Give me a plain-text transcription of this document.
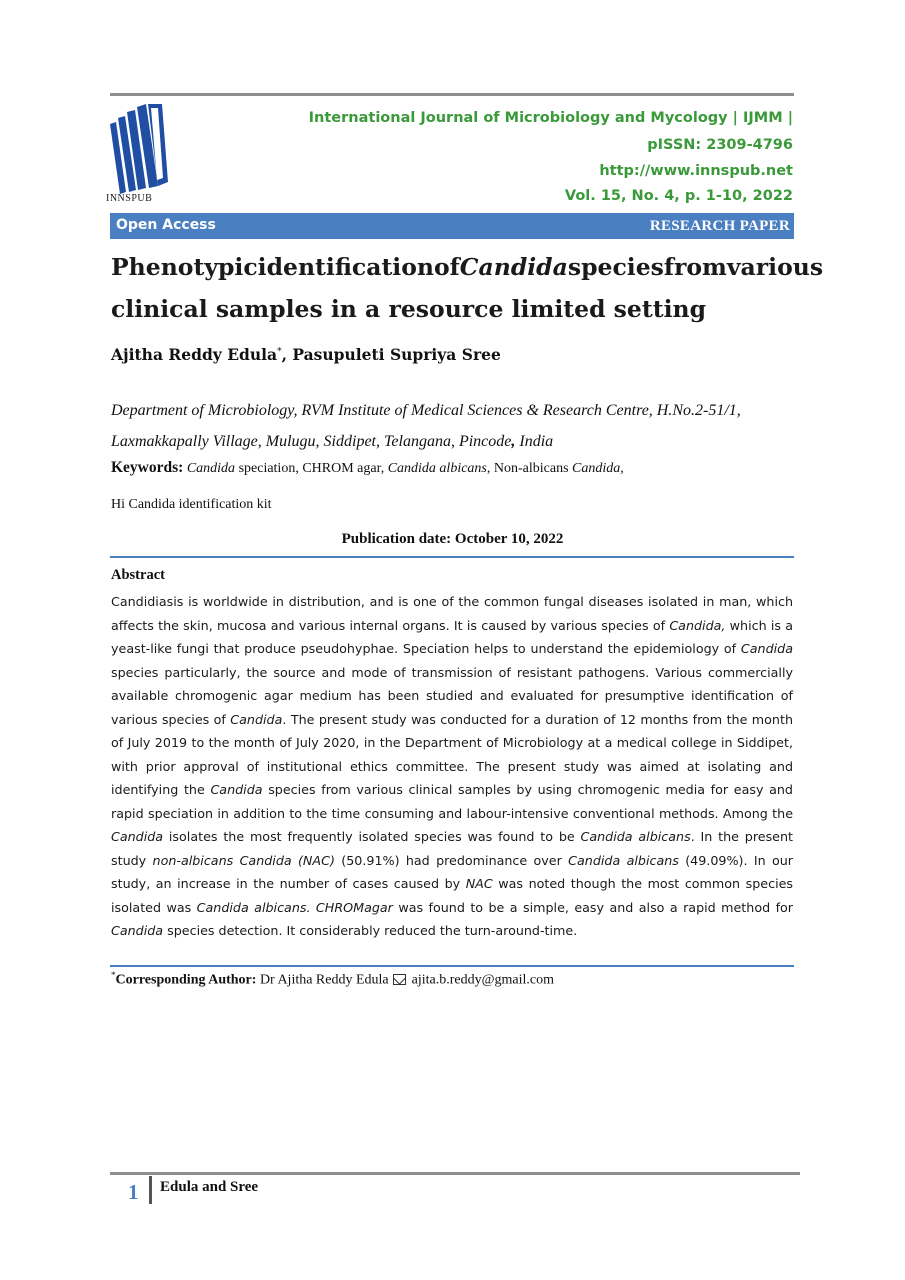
INNSPUB
International Journal of Microbiology and Mycology | IJMM |
pISSN: 2309-4796
http://www.innspub.net
Vol. 15, No. 4, p. 1-10, 2022
Open Access	RESEARCH PAPER
Phenotypic identification of Candida species from various
clinical samples in a resource limited setting
Ajitha Reddy Edula*, Pasupuleti Supriya Sree
Department of Microbiology, RVM Institute of Medical Sciences & Research Centre, H.No.2-51/1,
Laxmakkapally Village, Mulugu, Siddipet, Telangana, Pincode, India
Keywords: Candida speciation, CHROM agar, Candida albicans, Non-albicans Candida,
Hi Candida identification kit
Publication date: October 10, 2022
Abstract

Candidiasis is worldwide in distribution, and is one of the common fungal diseases isolated in man, which affects the skin, mucosa and various internal organs. It is caused by various species of Candida, which is a yeast-like fungi that produce pseudohyphae. Speciation helps to understand the epidemiology of Candida species particularly, the source and mode of transmission of resistant pathogens. Various commercially available chromogenic agar medium has been studied and evaluated for presumptive identification of various species of Candida. The present study was conducted for a duration of 12 months from the month of July 2019 to the month of July 2020, in the Department of Microbiology at a medical college in Siddipet, with prior approval of institutional ethics committee. The present study was aimed at isolating and identifying the Candida species from various clinical samples by using chromogenic media for easy and rapid speciation in addition to the time consuming and labour-intensive conventional methods. Among the Candida isolates the most frequently isolated species was found to be Candida albicans. In the present study non-albicans Candida (NAC) (50.91%) had predominance over Candida albicans (49.09%). In our study, an increase in the number of cases caused by NAC was noted though the most common species isolated was Candida albicans. CHROMagar was found to be a simple, easy and also a rapid method for Candida species detection. It considerably reduced the turn-around-time.

*Corresponding Author: Dr Ajitha Reddy Edula  ajita.b.reddy@gmail.com
1 Edula and Sree
